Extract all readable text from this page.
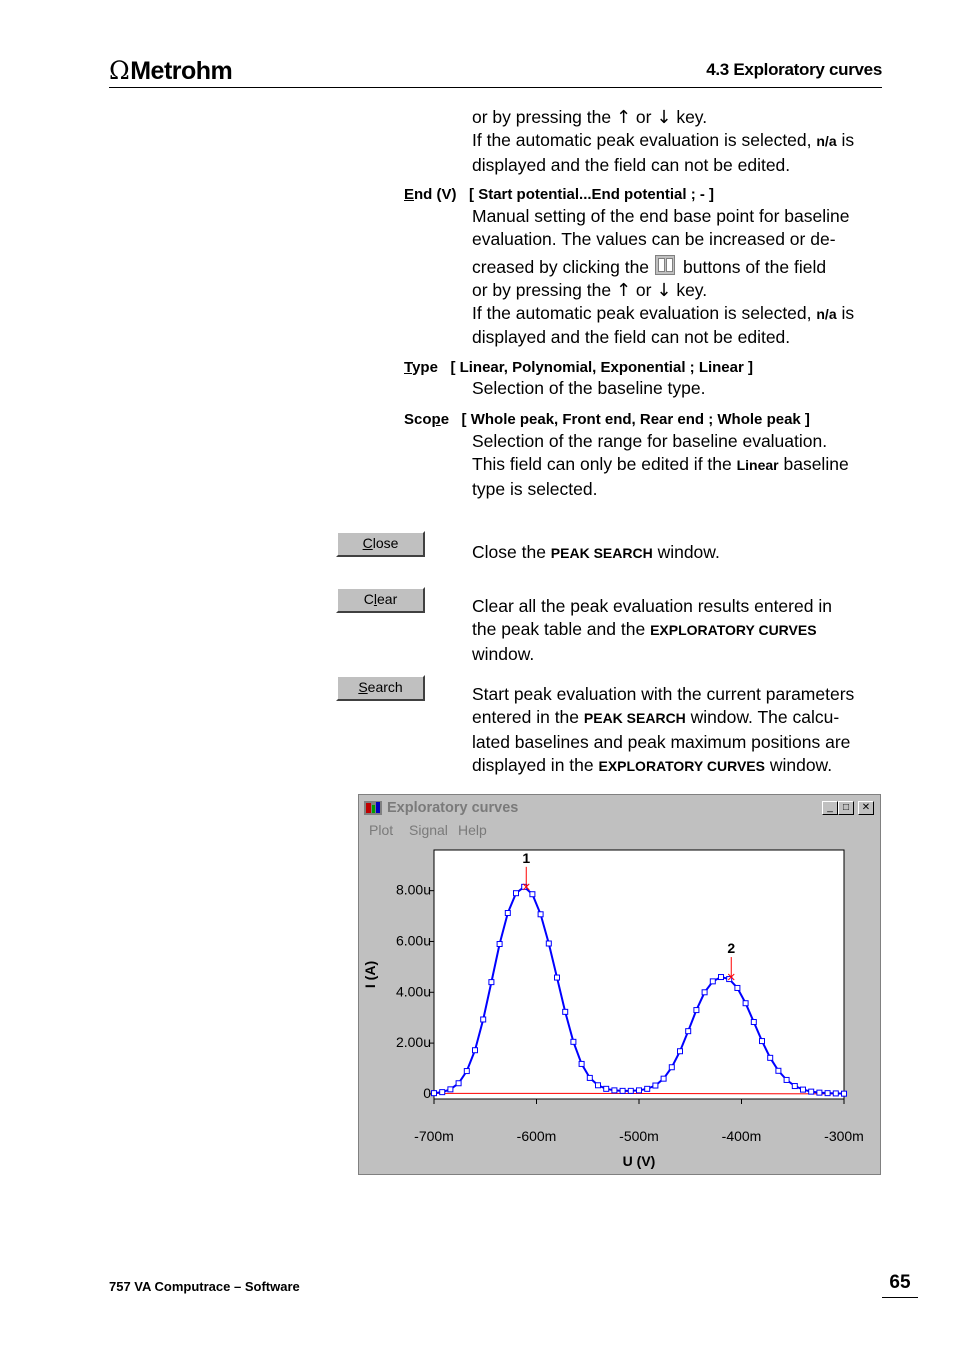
ΩMetrohm	4.3 Exploratory curves
or by pressing the ↑ or ↓ key.
If the automatic peak evaluation is selected, n/a is
displayed and the field can not be edited.
End (V) [ Start potential...End potential ; - ]
Manual setting of the end base point for baseline
evaluation. The values can be increased or de-
creased by clicking the buttons of the field
or by pressing the ↑ or ↓ key.
If the automatic peak evaluation is selected, n/a is
displayed and the field can not be edited.
Type [ Linear, Polynomial, Exponential ; Linear ]
Selection of the baseline type.
Scope [ Whole peak, Front end, Rear end ; Whole peak ]
Selection of the range for baseline evaluation.
This field can only be edited if the Linear baseline
type is selected.
Close	Close the PEAK SEARCH window.
Clear	Clear all the peak evaluation results entered in
the peak table and the EXPLORATORY CURVES
window.
Search	Start peak evaluation with the current parameters
entered in the PEAK SEARCH window. The calcu-
lated baselines and peak maximum positions are
displayed in the EXPLORATORY CURVES window.
Exploratory curves	_	□	✕
Plot Signal Help
0
2.00u
4.00u
6.00u
8.00u
-700m	-600m	-500m	-400m	-300m
U (V)
I (A)
1
2
757 VA Computrace – Software	65
